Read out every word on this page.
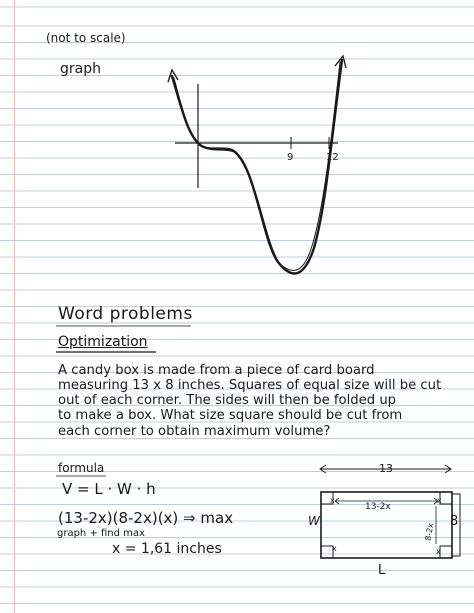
(not to scale)
graph
9	12
Word problems
Optimization
A candy box is made from a piece of card board
measuring 13 x 8 inches. Squares of equal size will be cut
out of each corner. The sides will then be folded up
to make a box. What size square should be cut from
each corner to obtain maximum volume?
formula
V = L · W · h
(13-2x)(8-2x)(x) ⇒ max
graph + find max
x = 1,61 inches
13
13-2x
8-2x
W	8
L
x	x
x	x
